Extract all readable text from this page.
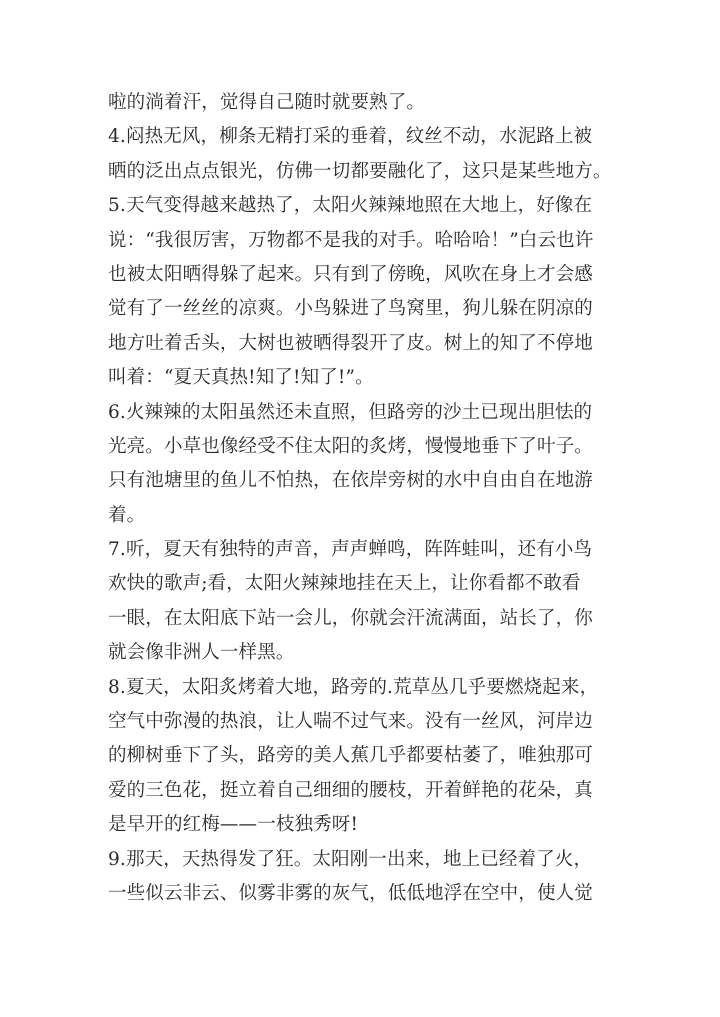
啦的淌着汗，觉得自己随时就要熟了。
4.闷热无风，柳条无精打采的垂着，纹丝不动，水泥路上被
晒的泛出点点银光，仿佛一切都要融化了，这只是某些地方。
5.天气变得越来越热了，太阳火辣辣地照在大地上，好像在
说：“我很厉害，万物都不是我的对手。哈哈哈！”白云也许
也被太阳晒得躲了起来。只有到了傍晚，风吹在身上才会感
觉有了一丝丝的凉爽。小鸟躲进了鸟窝里，狗儿躲在阴凉的
地方吐着舌头，大树也被晒得裂开了皮。树上的知了不停地
叫着：“夏天真热!知了!知了!”。
6.火辣辣的太阳虽然还未直照，但路旁的沙土已现出胆怯的
光亮。小草也像经受不住太阳的炙烤，慢慢地垂下了叶子。
只有池塘里的鱼儿不怕热，在依岸旁树的水中自由自在地游
着。
7.听，夏天有独特的声音，声声蝉鸣，阵阵蛙叫，还有小鸟
欢快的歌声;看，太阳火辣辣地挂在天上，让你看都不敢看
一眼，在太阳底下站一会儿，你就会汗流满面，站长了，你
就会像非洲人一样黑。
8.夏天，太阳炙烤着大地，路旁的.荒草丛几乎要燃烧起来，
空气中弥漫的热浪，让人喘不过气来。没有一丝风，河岸边
的柳树垂下了头，路旁的美人蕉几乎都要枯萎了，唯独那可
爱的三色花，挺立着自己细细的腰枝，开着鲜艳的花朵，真
是早开的红梅——一枝独秀呀!
9.那天，天热得发了狂。太阳刚一出来，地上已经着了火，
一些似云非云、似雾非雾的灰气，低低地浮在空中，使人觉
